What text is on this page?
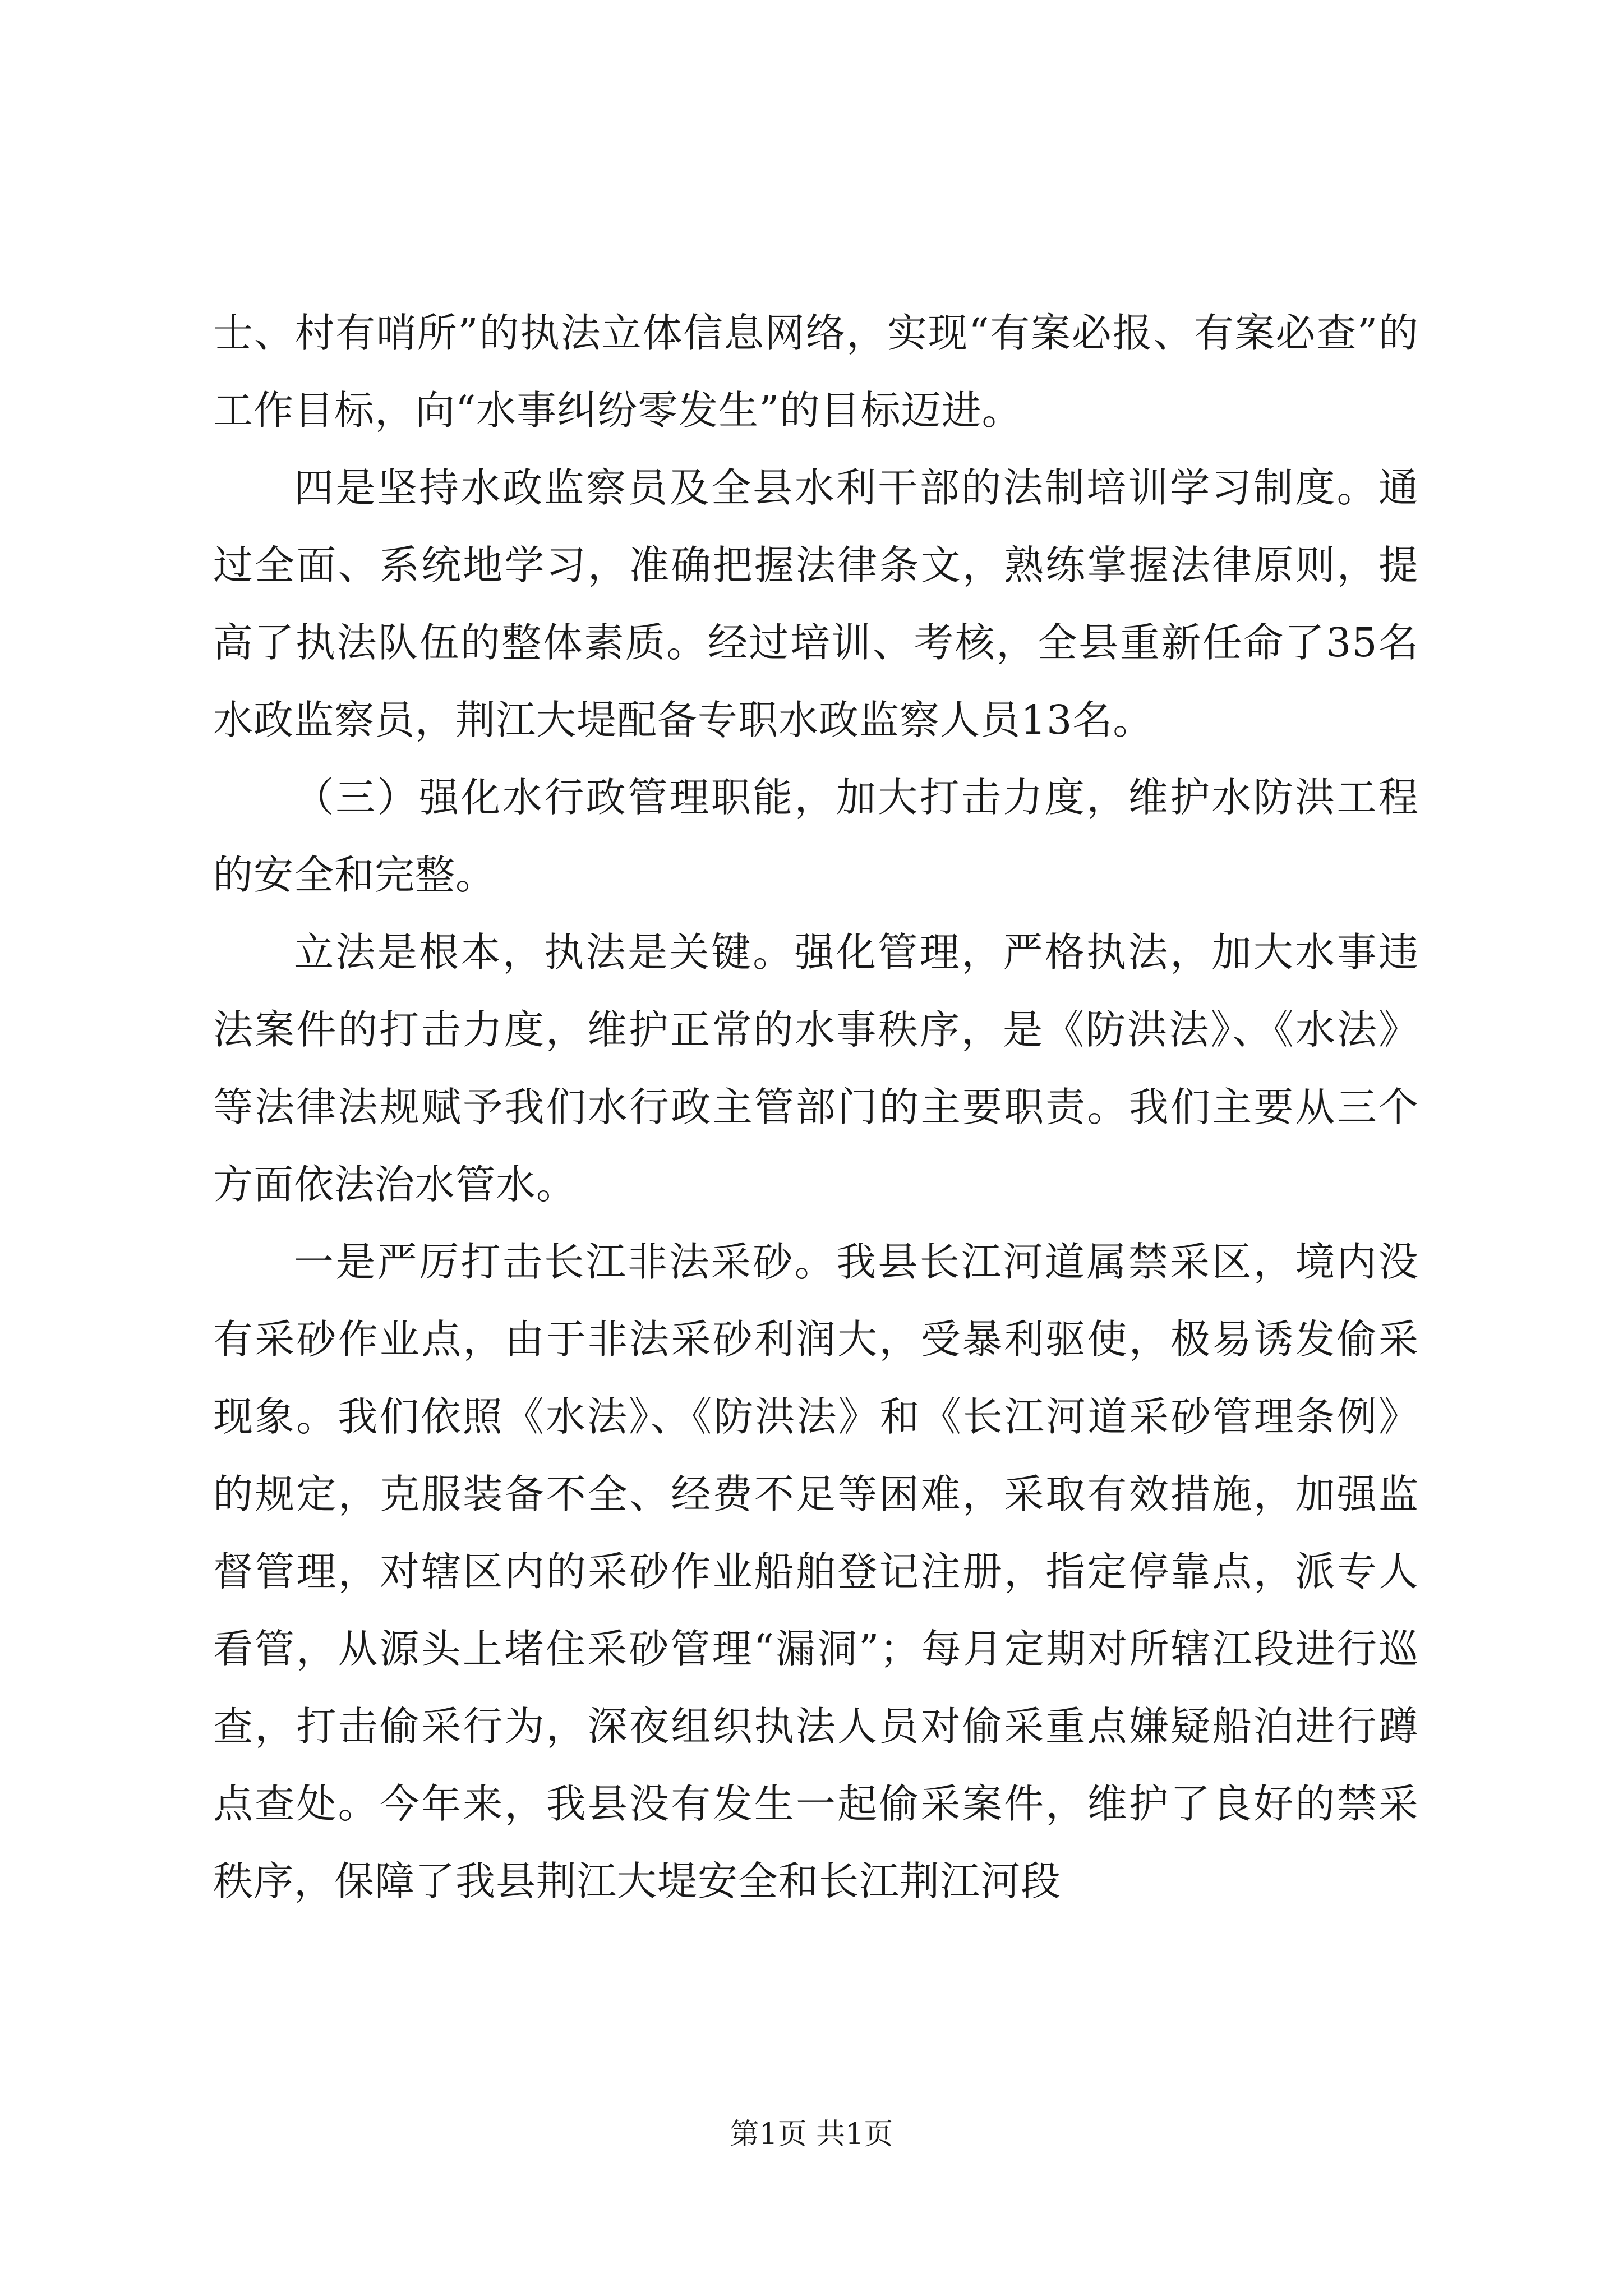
士、村有哨所”的执法立体信息网络，实现“有案必报、有案必查”的工作目标，向“水事纠纷零发生”的目标迈进。

四是坚持水政监察员及全县水利干部的法制培训学习制度。通过全面、系统地学习，准确把握法律条文，熟练掌握法律原则，提高了执法队伍的整体素质。经过培训、考核，全县重新任命了35名水政监察员，荆江大堤配备专职水政监察人员13名。

（三）强化水行政管理职能，加大打击力度，维护水防洪工程的安全和完整。

立法是根本，执法是关键。强化管理，严格执法，加大水事违法案件的打击力度，维护正常的水事秩序，是《防洪法》、《水法》等法律法规赋予我们水行政主管部门的主要职责。我们主要从三个方面依法治水管水。

一是严厉打击长江非法采砂。我县长江河道属禁采区，境内没有采砂作业点，由于非法采砂利润大，受暴利驱使，极易诱发偷采现象。我们依照《水法》、《防洪法》和《长江河道采砂管理条例》的规定，克服装备不全、经费不足等困难，采取有效措施，加强监督管理，对辖区内的采砂作业船舶登记注册，指定停靠点，派专人看管，从源头上堵住采砂管理“漏洞”；每月定期对所辖江段进行巡查，打击偷采行为，深夜组织执法人员对偷采重点嫌疑船泊进行蹲点查处。今年来，我县没有发生一起偷采案件，维护了良好的禁采秩序，保障了我县荆江大堤安全和长江荆江河段

第1页 共1页
